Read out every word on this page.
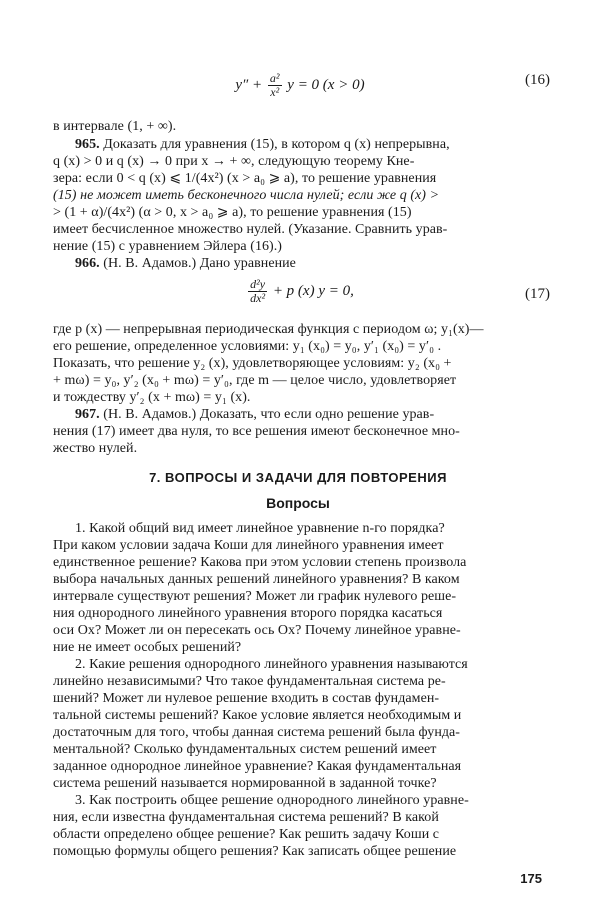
$y'' + \frac{\text{a²}}{\text{x²}}$ y = 0 (x > 0)	(16)
в интервале (1, + ∞).
965. Доказать для уравнения (15), в котором q (x) непрерывна,
q (x) > 0 и q (x) → 0 при x → + ∞, следующую теорему Кне-
зера: если 0 < q (x) ⩽ 1/(4x²) (x > a₀ ⩾ a), то решение уравнения
(15) не может иметь бесконечного числа нулей; если же q (x) >
> (1 + α)/(4x²) (α > 0, x > a₀ ⩾ a), то решение уравнения (15)
имеет бесчисленное множество нулей. (Указание. Сравнить урав-
нение (15) с уравнением Эйлера (16).)
966. (Н. В. Адамов.) Дано уравнение
$\frac{\text{d²y}}{\text{dx²}} + p$ (x) y = 0,	(17)
где p (x) — непрерывная периодическая функция с периодом ω; y₁(x)—
его решение, определенное условиями: y₁ (x₀) = y₀, y′₁ (x₀) = y′₀ .
Показать, что решение y₂ (x), удовлетворяющее условиям: y₂ (x₀ +
+ mω) = y₀, y′₂ (x₀ + mω) = y′₀, где m — целое число, удовлетворяет
и тождеству y′₂ (x + mω) = y₁ (x).
967. (Н. В. Адамов.) Доказать, что если одно решение урав-
нения (17) имеет два нуля, то все решения имеют бесконечное мно-
жество нулей.
7. ВОПРОСЫ И ЗАДАЧИ ДЛЯ ПОВТОРЕНИЯ
Вопросы
1. Какой общий вид имеет линейное уравнение n-го порядка?
При каком условии задача Коши для линейного уравнения имеет
единственное решение? Какова при этом условии степень произвола
выбора начальных данных решений линейного уравнения? В каком
интервале существуют решения? Может ли график нулевого реше-
ния однородного линейного уравнения второго порядка касаться
оси Ox? Может ли он пересекать ось Ox? Почему линейное уравне-
ние не имеет особых решений?
2. Какие решения однородного линейного уравнения называются
линейно независимыми? Что такое фундаментальная система ре-
шений? Может ли нулевое решение входить в состав фундамен-
тальной системы решений? Какое условие является необходимым и
достаточным для того, чтобы данная система решений была фунда-
ментальной? Сколько фундаментальных систем решений имеет
заданное однородное линейное уравнение? Какая фундаментальная
система решений называется нормированной в заданной точке?
3. Как построить общее решение однородного линейного уравне-
ния, если известна фундаментальная система решений? В какой
области определено общее решение? Как решить задачу Коши с
помощью формулы общего решения? Как записать общее решение
175
